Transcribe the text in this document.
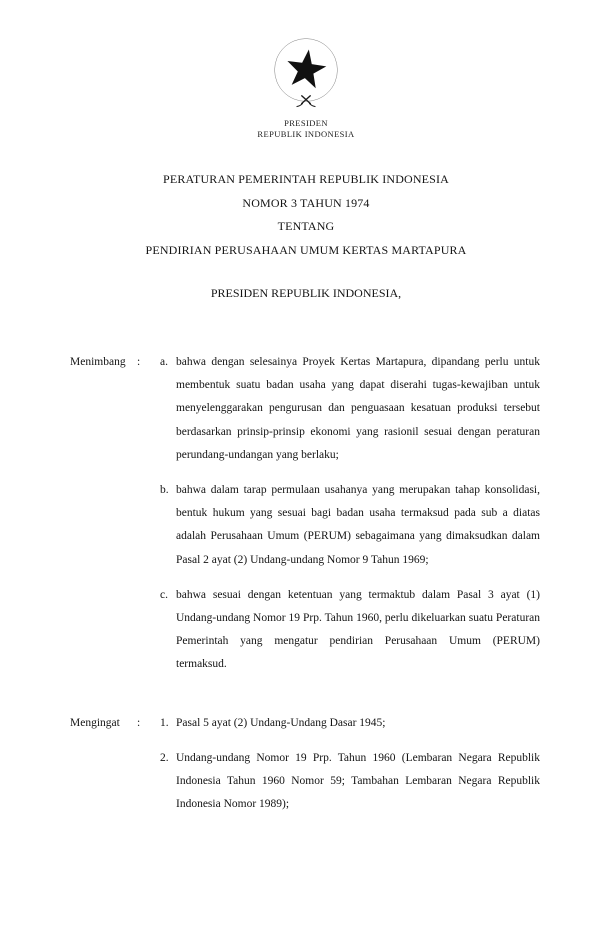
PRESIDEN
REPUBLIK INDONESIA
PERATURAN PEMERINTAH REPUBLIK INDONESIA
NOMOR 3 TAHUN 1974
TENTANG
PENDIRIAN PERUSAHAAN UMUM KERTAS MARTAPURA
PRESIDEN REPUBLIK INDONESIA,
Menimbang :	a. bahwa dengan selesainya Proyek Kertas Martapura, dipandang perlu untuk membentuk suatu badan usaha yang dapat diserahi tugas-kewajiban untuk menyelenggarakan pengurusan dan penguasaan kesatuan produksi tersebut berdasarkan prinsip-prinsip ekonomi yang rasionil sesuai dengan peraturan perundang-undangan yang berlaku;
b. bahwa dalam tarap permulaan usahanya yang merupakan tahap konsolidasi, bentuk hukum yang sesuai bagi badan usaha termaksud pada sub a diatas adalah Perusahaan Umum (PERUM) sebagaimana yang dimaksudkan dalam Pasal 2 ayat (2) Undang-undang Nomor 9 Tahun 1969;
c. bahwa sesuai dengan ketentuan yang termaktub dalam Pasal 3 ayat (1) Undang-undang Nomor 19 Prp. Tahun 1960, perlu dikeluarkan suatu Peraturan Pemerintah yang mengatur pendirian Perusahaan Umum (PERUM) termaksud.
Mengingat	:	1. Pasal 5 ayat (2) Undang-Undang Dasar 1945;
2. Undang-undang Nomor 19 Prp. Tahun 1960 (Lembaran Negara Republik Indonesia Tahun 1960 Nomor 59; Tambahan Lembaran Negara Republik Indonesia Nomor 1989);
